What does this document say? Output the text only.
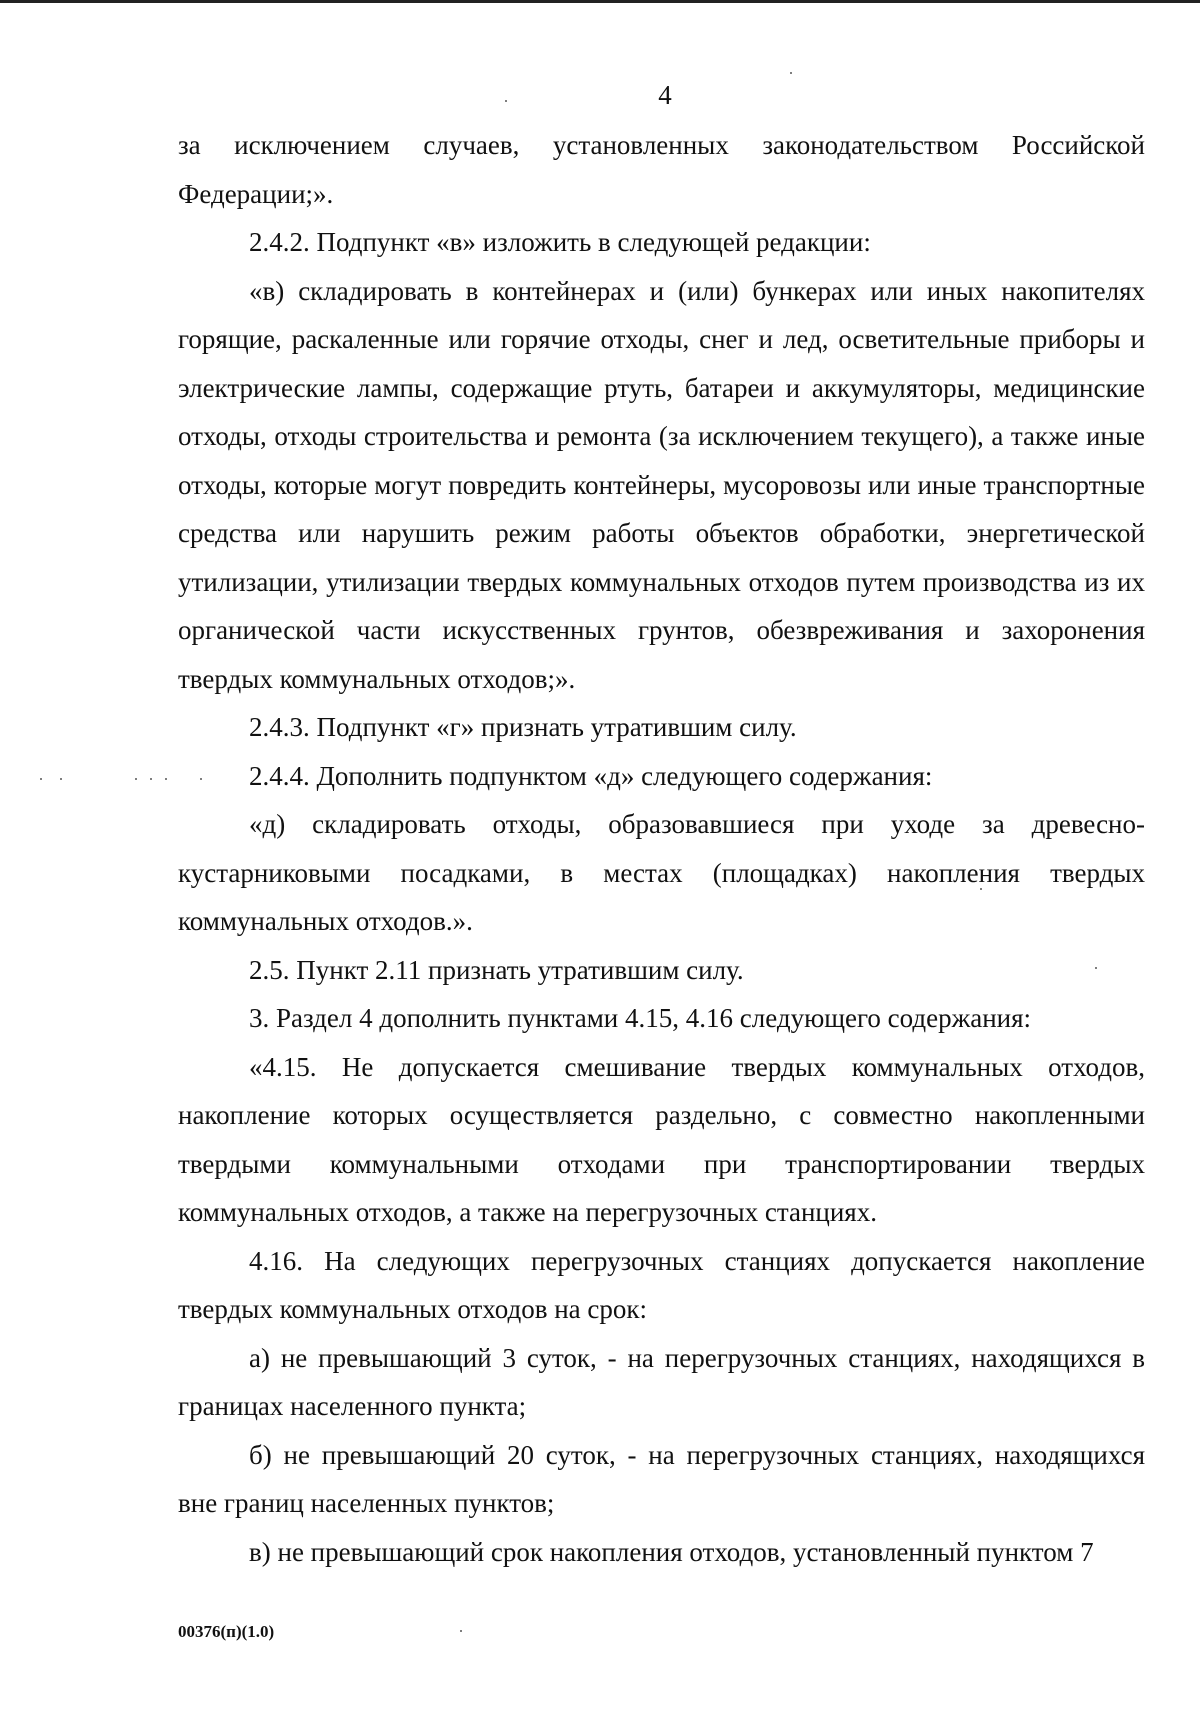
4

за исключением случаев, установленных законодательством Российской Федерации;».

2.4.2. Подпункт «в» изложить в следующей редакции:

«в) складировать в контейнерах и (или) бункерах или иных накопителях горящие, раскаленные или горячие отходы, снег и лед, осветительные приборы и электрические лампы, содержащие ртуть, батареи и аккумуляторы, медицинские отходы, отходы строительства и ремонта (за исключением текущего), а также иные отходы, которые могут повредить контейнеры, мусоровозы или иные транспортные средства или нарушить режим работы объектов обработки, энергетической утилизации, утилизации твердых коммунальных отходов путем производства из их органической части искусственных грунтов, обезвреживания и захоронения твердых коммунальных отходов;».

2.4.3. Подпункт «г» признать утратившим силу.

2.4.4. Дополнить подпунктом «д» следующего содержания:

«д) складировать отходы, образовавшиеся при уходе за древесно-кустарниковыми посадками, в местах (площадках) накопления твердых коммунальных отходов.».

2.5. Пункт 2.11 признать утратившим силу.

3. Раздел 4 дополнить пунктами 4.15, 4.16 следующего содержания:

«4.15. Не допускается смешивание твердых коммунальных отходов, накопление которых осуществляется раздельно, с совместно накопленными твердыми коммунальными отходами при транспортировании твердых коммунальных отходов, а также на перегрузочных станциях.

4.16. На следующих перегрузочных станциях допускается накопление твердых коммунальных отходов на срок:

а) не превышающий 3 суток, - на перегрузочных станциях, находящихся в границах населенного пункта;

б) не превышающий 20 суток, - на перегрузочных станциях, находящихся вне границ населенных пунктов;

в) не превышающий срок накопления отходов, установленный пунктом 7

00376(п)(1.0)
